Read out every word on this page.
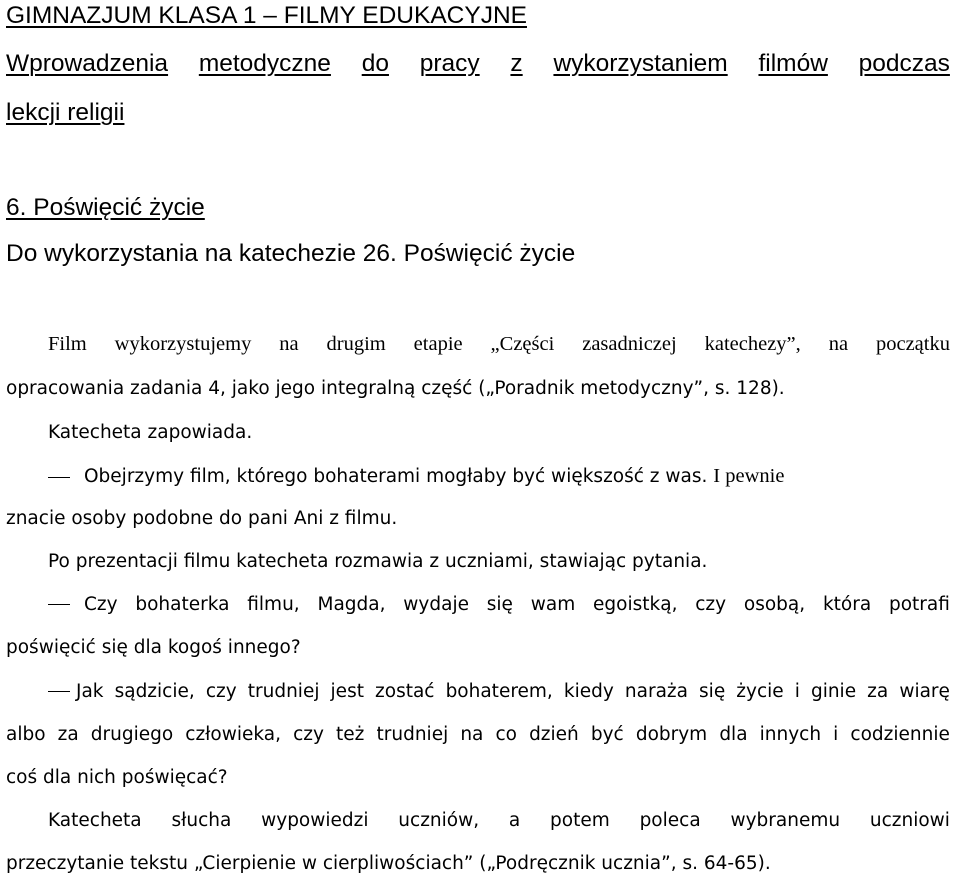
GIMNAZJUM KLASA 1 – FILMY EDUKACYJNE
Wprowadzenia metodyczne do pracy z wykorzystaniem filmów podczas
lekcji religii
6. Poświęcić życie
Do wykorzystania na katechezie 26. Poświęcić życie
Film wykorzystujemy na drugim etapie „Części zasadniczej katechezy”, na początku
opracowania zadania 4, jako jego integralną część („Poradnik metodyczny”, s. 128).
Katecheta zapowiada.
Obejrzymy film, którego bohaterami mogłaby być większość z was. I pewnie
znacie osoby podobne do pani Ani z filmu.
Po prezentacji filmu katecheta rozmawia z uczniami, stawiając pytania.
Czy bohaterka filmu, Magda, wydaje się wam egoistką, czy osobą, która potrafi
poświęcić się dla kogoś innego?
Jak sądzicie, czy trudniej jest zostać bohaterem, kiedy naraża się życie i ginie za wiarę
albo za drugiego człowieka, czy też trudniej na co dzień być dobrym dla innych i codziennie
coś dla nich poświęcać?
Katecheta słucha wypowiedzi uczniów, a potem poleca wybranemu uczniowi
przeczytanie tekstu „Cierpienie w cierpliwościach” („Podręcznik ucznia”, s. 64-65).
